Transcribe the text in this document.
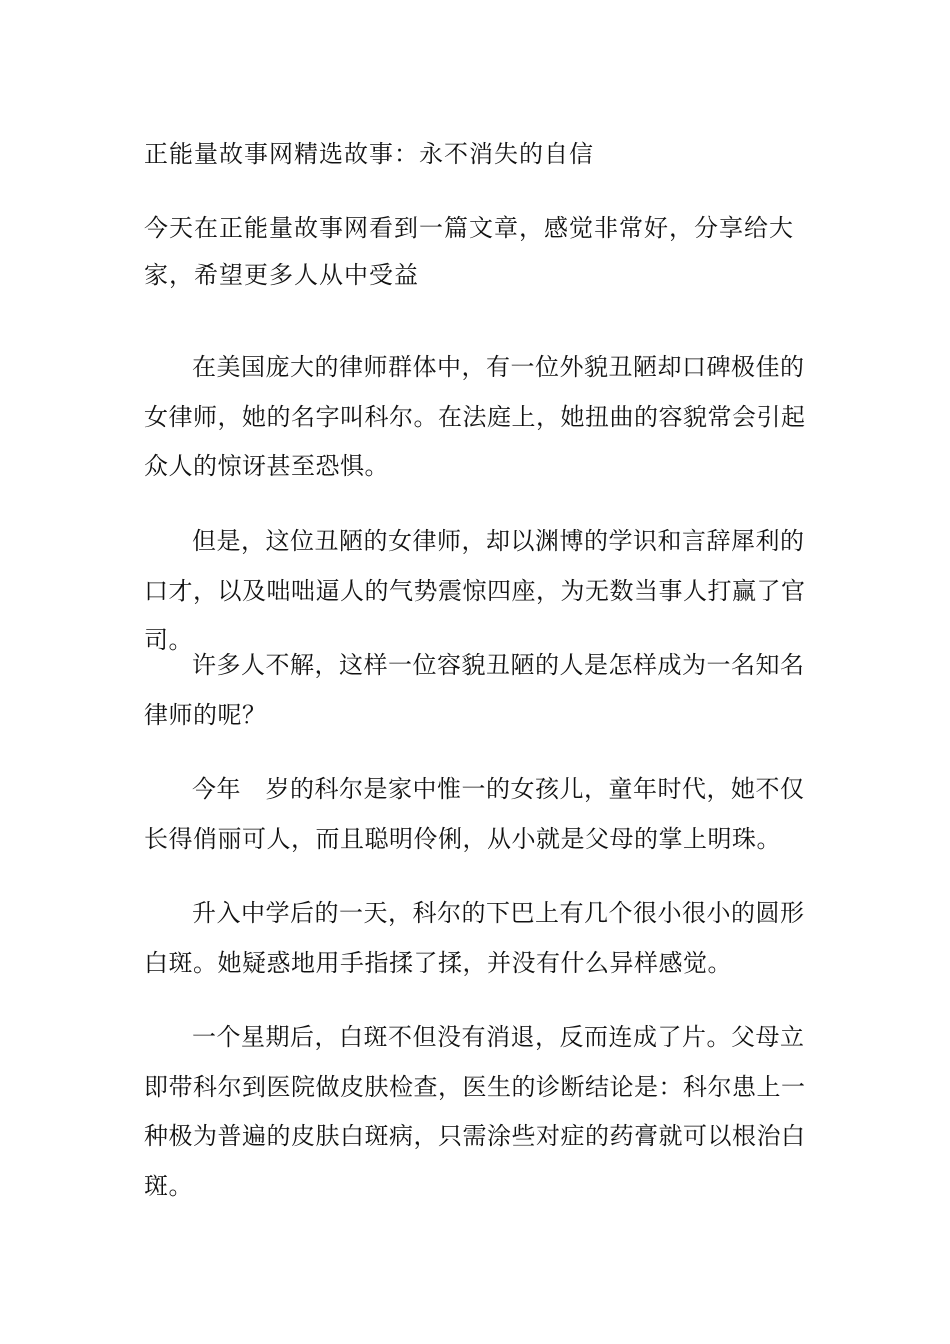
正能量故事网精选故事：永不消失的自信
今天在正能量故事网看到一篇文章，感觉非常好，分享给大家，希望更多人从中受益

在美国庞大的律师群体中，有一位外貌丑陋却口碑极佳的女律师，她的名字叫科尔。在法庭上，她扭曲的容貌常会引起众人的惊讶甚至恐惧。

但是，这位丑陋的女律师，却以渊博的学识和言辞犀利的口才，以及咄咄逼人的气势震惊四座，为无数当事人打赢了官司。

许多人不解，这样一位容貌丑陋的人是怎样成为一名知名律师的呢？

今年　岁的科尔是家中惟一的女孩儿，童年时代，她不仅长得俏丽可人，而且聪明伶俐，从小就是父母的掌上明珠。

升入中学后的一天，科尔的下巴上有几个很小很小的圆形白斑。她疑惑地用手指揉了揉，并没有什么异样感觉。

一个星期后，白斑不但没有消退，反而连成了片。父母立即带科尔到医院做皮肤检查，医生的诊断结论是：科尔患上一种极为普遍的皮肤白斑病，只需涂些对症的药膏就可以根治白斑。
